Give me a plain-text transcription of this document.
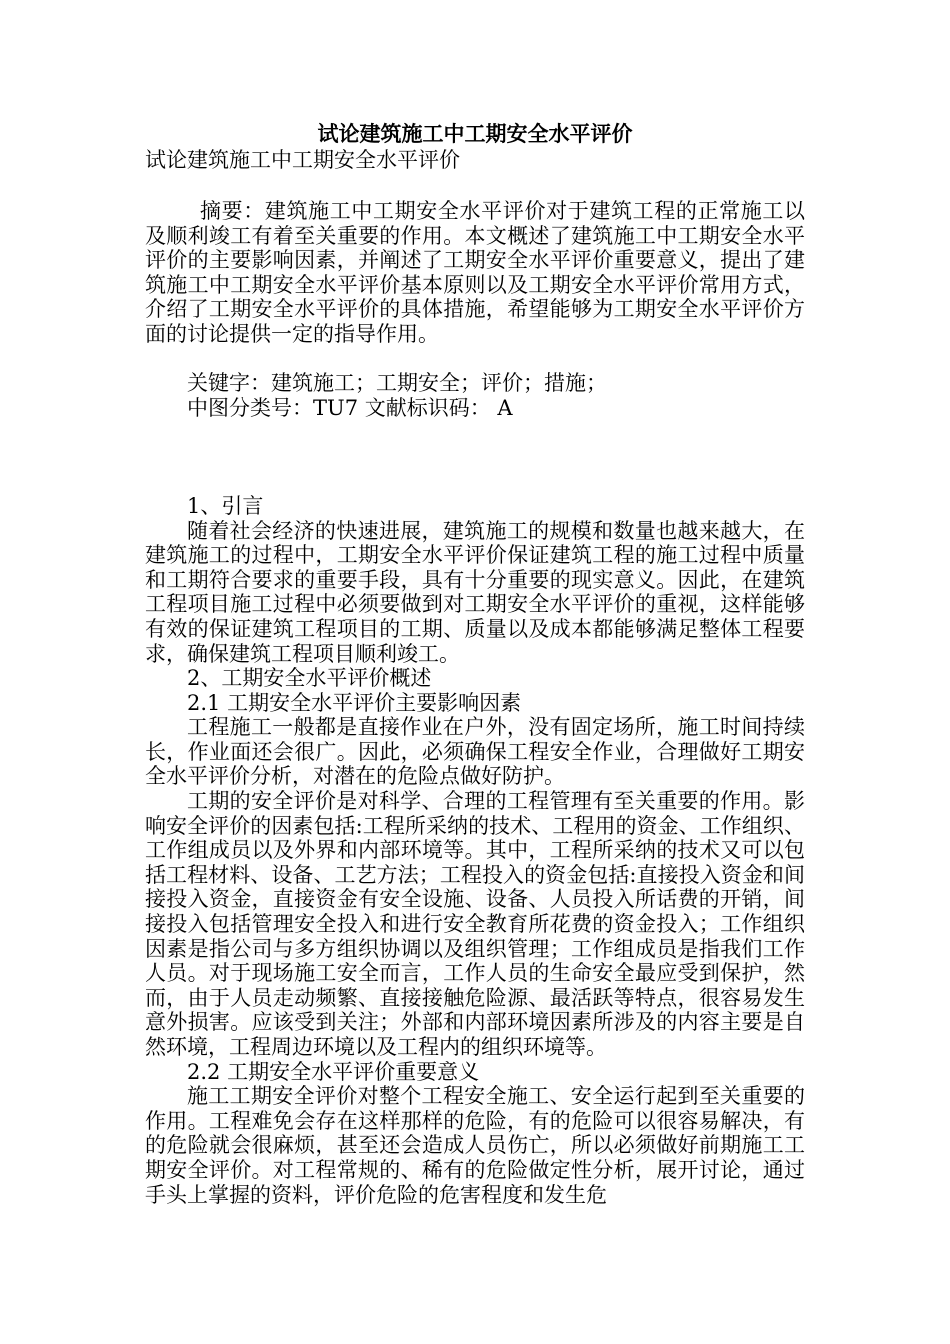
试论建筑施工中工期安全水平评价
试论建筑施工中工期安全水平评价

摘要：建筑施工中工期安全水平评价对于建筑工程的正常施工以及顺利竣工有着至关重要的作用。本文概述了建筑施工中工期安全水平评价的主要影响因素，并阐述了工期安全水平评价重要意义，提出了建筑施工中工期安全水平评价基本原则以及工期安全水平评价常用方式，介绍了工期安全水平评价的具体措施，希望能够为工期安全水平评价方面的讨论提供一定的指导作用。

关键字：建筑施工；工期安全；评价；措施；

中图分类号：TU7 文献标识码： A

1、引言

随着社会经济的快速进展，建筑施工的规模和数量也越来越大，在建筑施工的过程中，工期安全水平评价保证建筑工程的施工过程中质量和工期符合要求的重要手段，具有十分重要的现实意义。因此，在建筑工程项目施工过程中必须要做到对工期安全水平评价的重视，这样能够有效的保证建筑工程项目的工期、质量以及成本都能够满足整体工程要求，确保建筑工程项目顺利竣工。

2、工期安全水平评价概述

2.1 工期安全水平评价主要影响因素

工程施工一般都是直接作业在户外，没有固定场所，施工时间持续长，作业面还会很广。因此，必须确保工程安全作业，合理做好工期安全水平评价分析，对潜在的危险点做好防护。

工期的安全评价是对科学、合理的工程管理有至关重要的作用。影响安全评价的因素包括:工程所采纳的技术、工程用的资金、工作组织、工作组成员以及外界和内部环境等。其中，工程所采纳的技术又可以包括工程材料、设备、工艺方法；工程投入的资金包括:直接投入资金和间接投入资金，直接资金有安全设施、设备、人员投入所话费的开销，间接投入包括管理安全投入和进行安全教育所花费的资金投入；工作组织因素是指公司与多方组织协调以及组织管理；工作组成员是指我们工作人员。对于现场施工安全而言，工作人员的生命安全最应受到保护，然而，由于人员走动频繁、直接接触危险源、最活跃等特点，很容易发生意外损害。应该受到关注；外部和内部环境因素所涉及的内容主要是自然环境，工程周边环境以及工程内的组织环境等。

2.2 工期安全水平评价重要意义

施工工期安全评价对整个工程安全施工、安全运行起到至关重要的作用。工程难免会存在这样那样的危险，有的危险可以很容易解决，有的危险就会很麻烦，甚至还会造成人员伤亡，所以必须做好前期施工工期安全评价。对工程常规的、稀有的危险做定性分析，展开讨论，通过手头上掌握的资料，评价危险的危害程度和发生危
